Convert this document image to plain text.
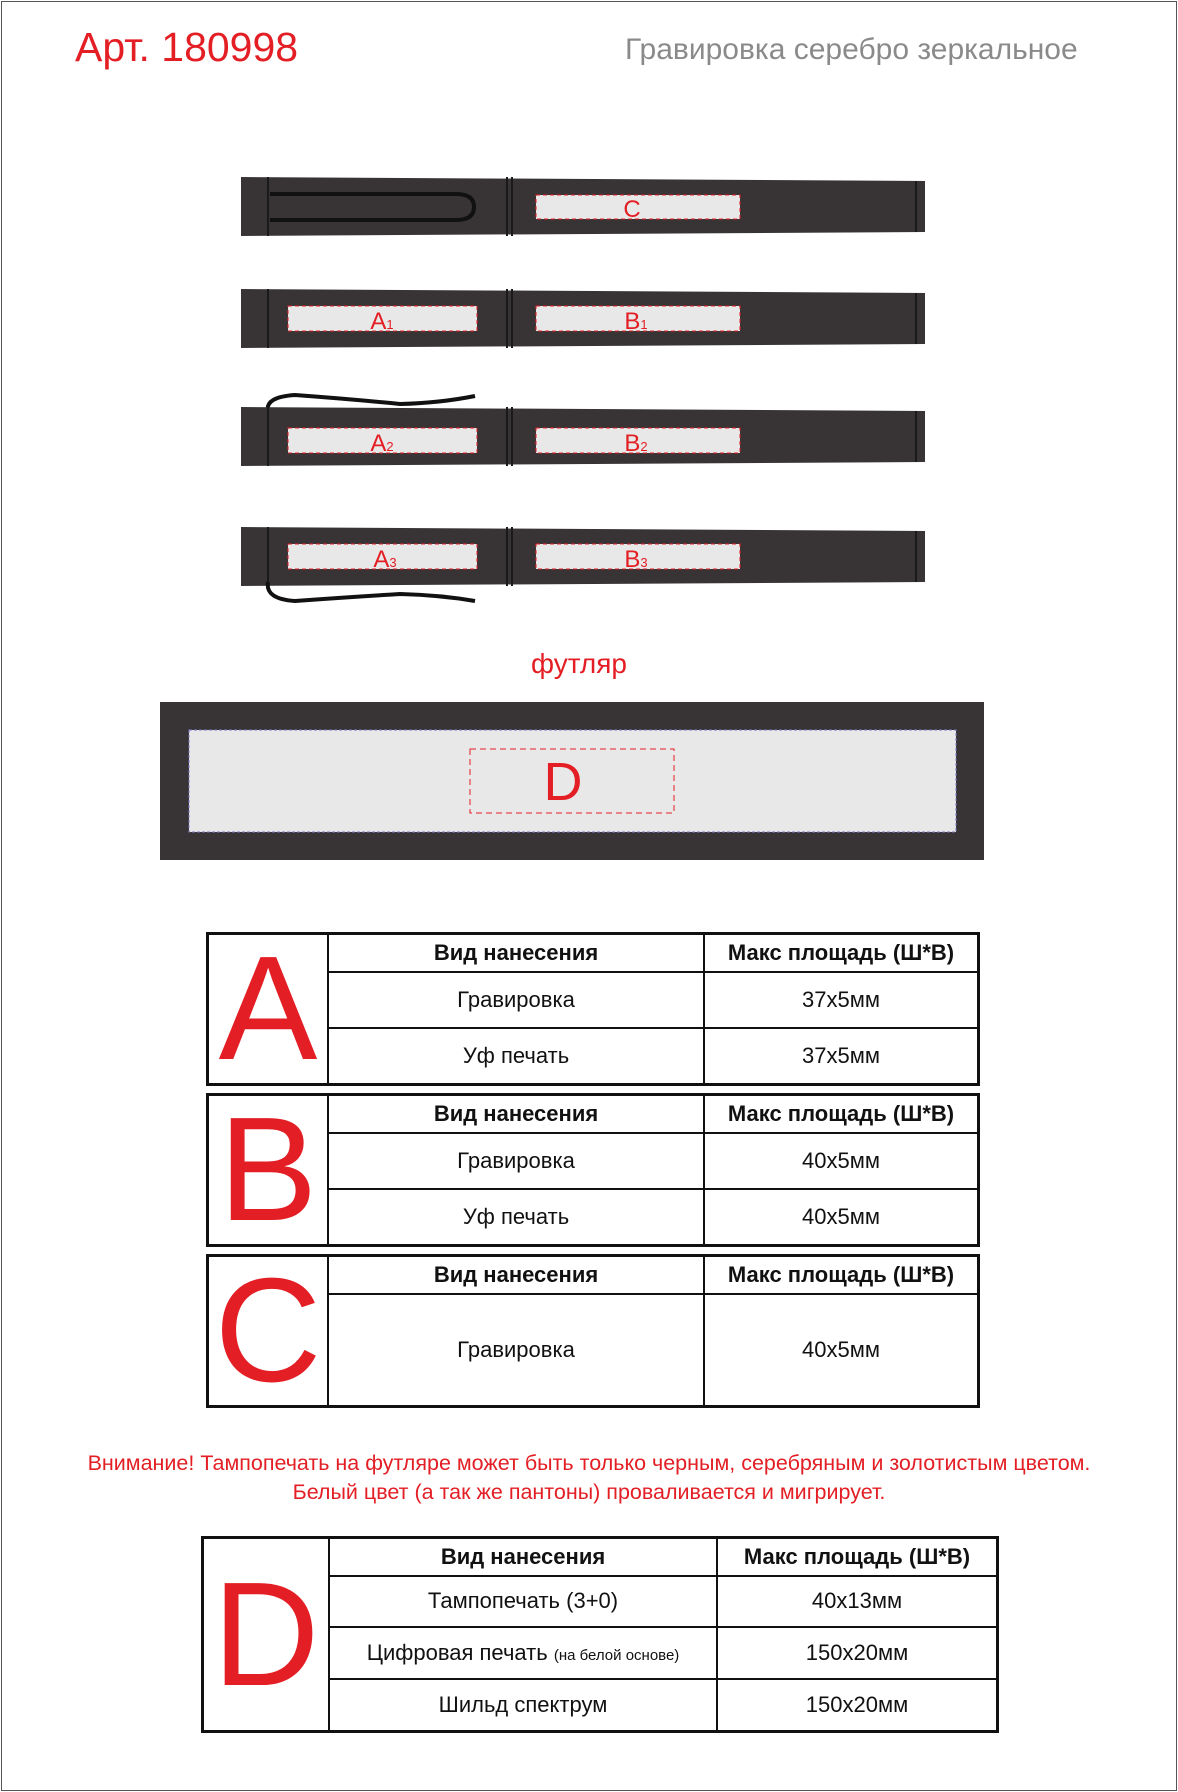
Арт. 180998	Гравировка серебро зеркальное
C
A1	B1
A2	B2
A3	B3
D
футляр
A	Вид нанесения	Макс площадь (Ш*В)
	Гравировка	37х5мм
	Уф печать	37х5мм
B	Вид нанесения	Макс площадь (Ш*В)
	Гравировка	40х5мм
	Уф печать	40х5мм
C	Вид нанесения	Макс площадь (Ш*В)
	Гравировка	40х5мм
Внимание! Тампопечать на футляре может быть только черным, серебряным и золотистым цветом.
Белый цвет (а так же пантоны) проваливается и мигрирует.
D	Вид нанесения	Макс площадь (Ш*В)
	Тампопечать (3+0)	40х13мм
	Цифровая печать (на белой основе)	150х20мм
	Шильд спектрум	150х20мм
